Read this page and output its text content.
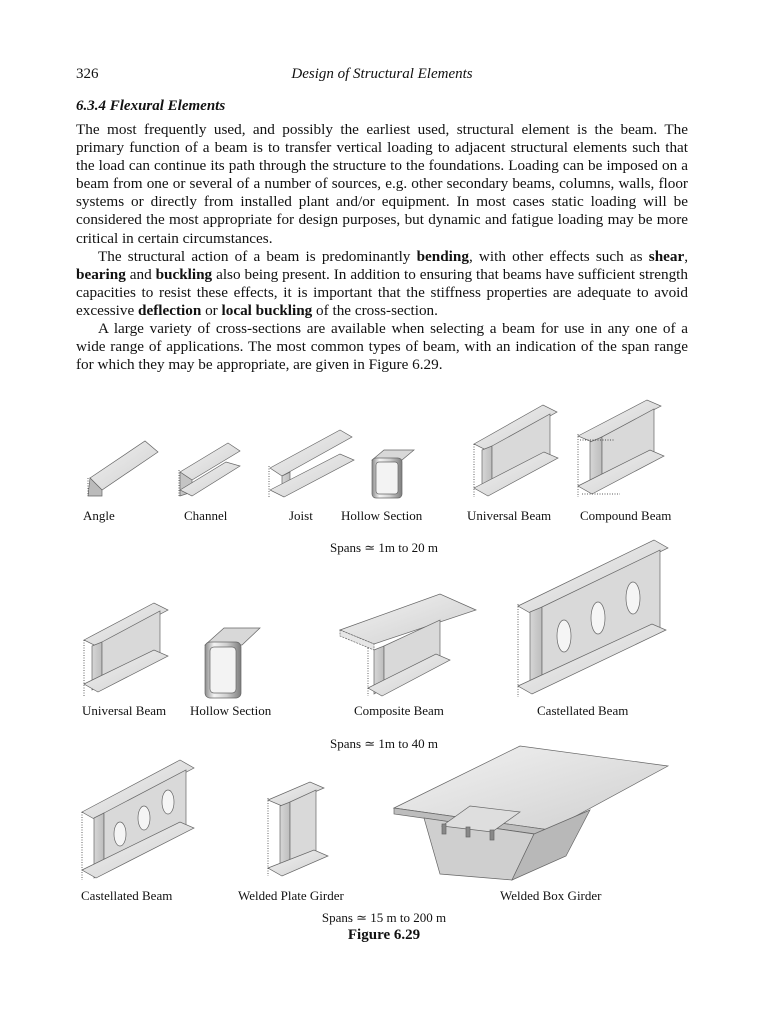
326	Design of Structural Elements
6.3.4 Flexural Elements

The most frequently used, and possibly the earliest used, structural element is the beam. The primary function of a beam is to transfer vertical loading to adjacent structural elements such that the load can continue its path through the structure to the foundations. Loading can be imposed on a beam from one or several of a number of sources, e.g. other secondary beams, columns, walls, floor systems or directly from installed plant and/or equipment. In most cases static loading will be considered the most appropriate for design purposes, but dynamic and fatigue loading may be more critical in certain circumstances.

The structural action of a beam is predominantly bending, with other effects such as shear, bearing and buckling also being present. In addition to ensuring that beams have sufficient strength capacities to resist these effects, it is important that the stiffness properties are adequate to avoid excessive deflection or local buckling of the cross-section.

A large variety of cross-sections are available when selecting a beam for use in any one of a wide range of applications. The most common types of beam, with an indication of the span range for which they may be appropriate, are given in Figure 6.29.

Angle	Channel	Joist Hollow Section	Universal Beam Compound Beam
Spans ≃ 1m to 20 m
Universal Beam Hollow Section	Composite Beam	Castellated Beam
Spans ≃ 1m to 40 m
Castellated Beam	Welded Plate Girder	Welded Box Girder
Spans ≃ 15 m to 200 m
Figure 6.29
